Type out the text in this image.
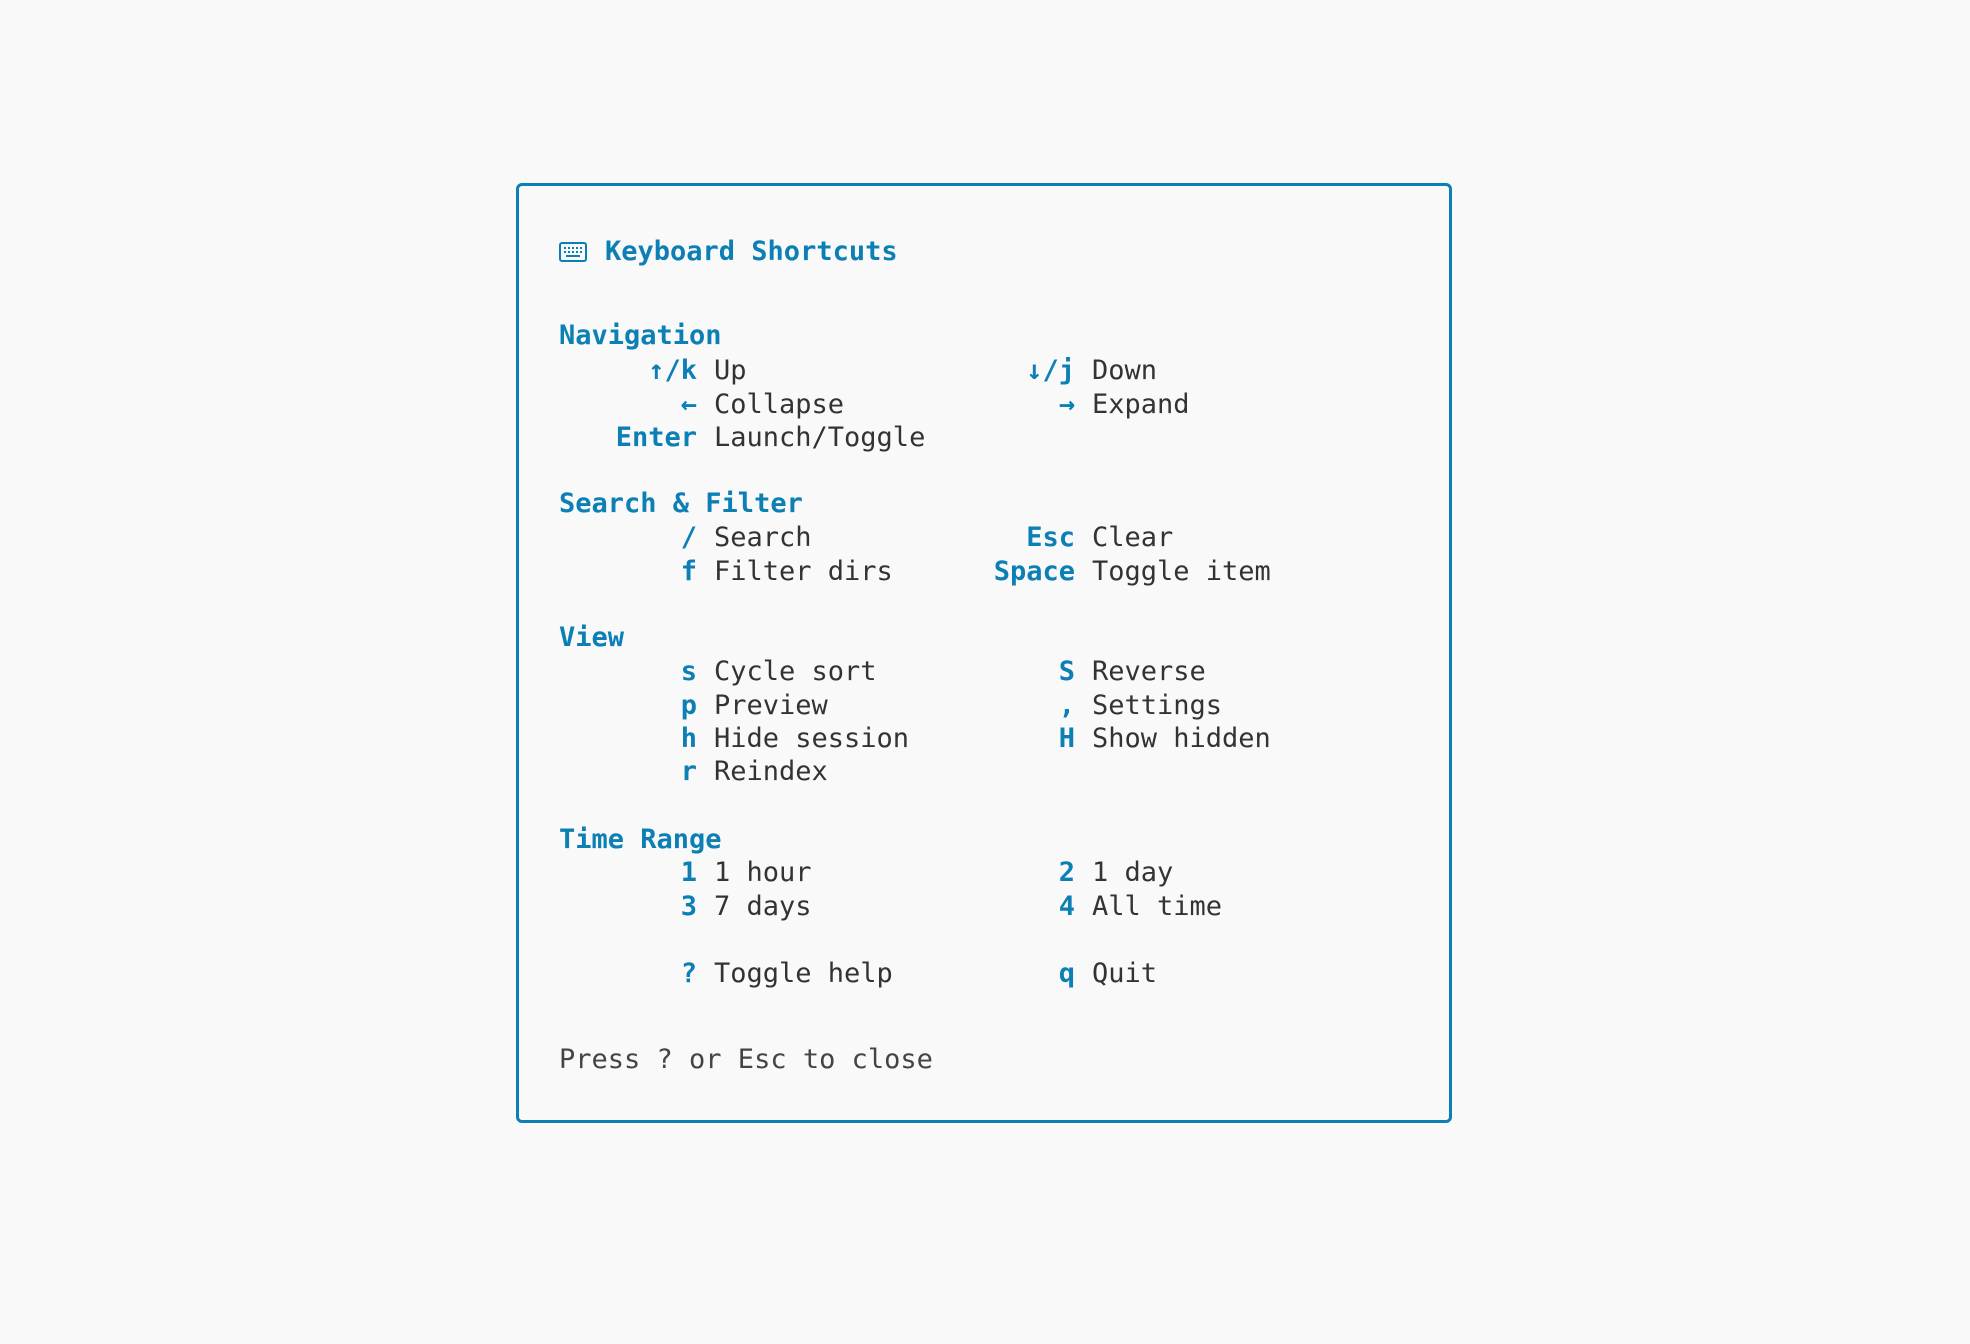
Keyboard Shortcuts
Navigation
↑/k Up	↓/j Down
← Collapse	→ Expand
Enter Launch/Toggle
Search & Filter
/ Search	Esc Clear
f Filter dirs	Space Toggle item
View
s Cycle sort	S Reverse
p Preview	, Settings
h Hide session	H Show hidden
r Reindex
Time Range
1 1 hour	2 1 day
3 7 days	4 All time
? Toggle help	q Quit
Press ? or Esc to close
